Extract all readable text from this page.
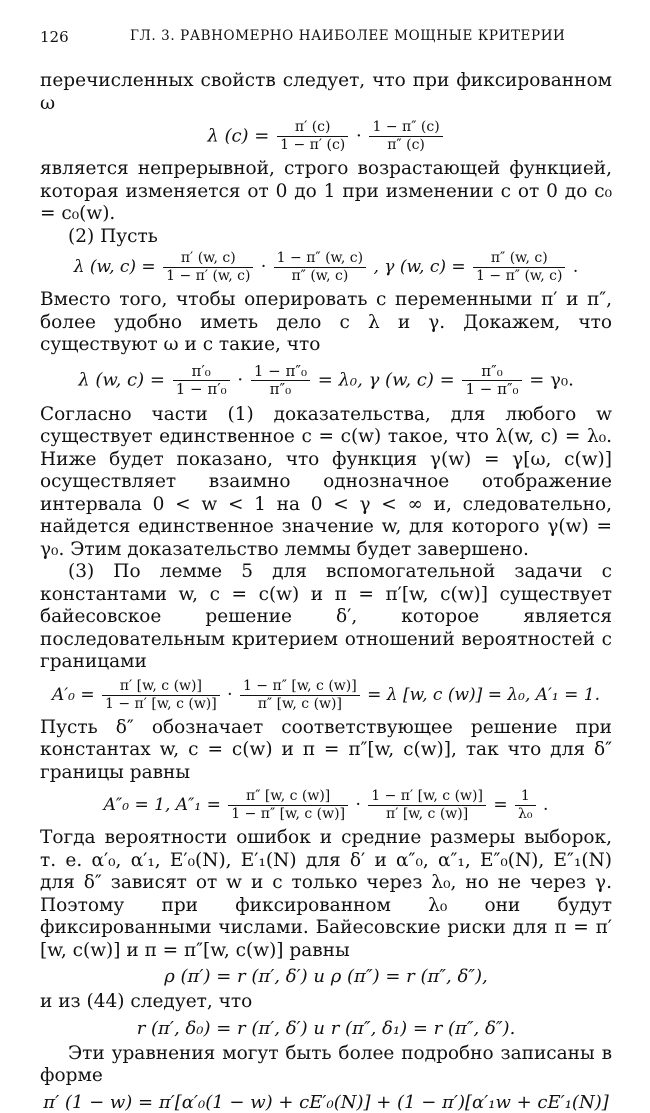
126	ГЛ. 3. РАВНОМЕРНО НАИБОЛЕЕ МОЩНЫЕ КРИТЕРИИ

перечисленных свойств следует, что при фиксированном ω

λ $(c) = \frac{\pi' (c)}{1 - \pi' (c)} \cdot \frac{1 - \pi'' (c)}{\pi'' (c)}$

является непрерывной, строго возрастающей функцией, которая изменяется от 0 до 1 при изменении c от 0 до c₀ = c₀(w).

(2) Пусть

λ (w, $c) = \frac{\pi' (w, c)}{1 - \pi' (w, c)} \cdot \frac{1 - \pi'' (w, c)}{\pi'' (w, c)}$ , γ (w, $c) = \frac{\pi'' (w, c)}{1 - \pi'' (w, c)}$ .

Вместо того, чтобы оперировать с переменными π′ и π″, более удобно иметь дело с λ и γ. Докажем, что существуют ω и c такие, что

λ (w, $c) = \frac{\text{π′₀}}{\text{1 − π′₀}} \cdot \frac{\text{1 − π″₀}}{\text{π″₀}} = \lambda_0$, γ (w, $c) = \frac{\text{π″₀}}{\text{1 − π″₀}} = \gamma_0$.

Согласно части (1) доказательства, для любого w существует единственное c = c(w) такое, что λ(w, c) = λ₀. Ниже будет показано, что функция γ(w) = γ[ω, c(w)] осуществляет взаимно однозначное отображение интервала 0 < w < 1 на 0 < γ < ∞ и, следовательно, найдется единственное значение w, для которого γ(w) = γ₀. Этим доказательство леммы будет завершено.

(3) По лемме 5 для вспомогательной задачи с константами w, c = c(w) и π = π′[w, c(w)] существует байесовское решение δ′, которое является последовательным критерием отношений вероятностей с границами

$A'_0 = \frac{\pi' [w, c (w)]}{1 - \pi' [w, c (w)]} \cdot \frac{1 - \pi'' [w, c (w)]}{\pi'' [w, c (w)]} = \lambda$ [w, c (w)] = λ₀, A′₁ = 1.

Пусть δ″ обозначает соответствующее решение при константах w, c = c(w) и π = π″[w, c(w)], так что для δ″ границы равны

A″₀ = 1, $A''_1 = \frac{\pi'' [w, c (w)]}{1 - \pi'' [w, c (w)]} \cdot \frac{1 - \pi' [w, c (w)]}{\pi' [w, c (w)]} = \frac{1}{\text{λ₀}}$ .

Тогда вероятности ошибок и средние размеры выборок, т. е. α′₀, α′₁, E′₀(N), E′₁(N) для δ′ и α″₀, α″₁, E″₀(N), E″₁(N) для δ″ зависят от w и c только через λ₀, но не через γ. Поэтому при фиксированном λ₀ они будут фиксированными числами. Байесовские риски для π = π′[w, c(w)] и π = π″[w, c(w)] равны

ρ (π′) = r (π′, δ′) и ρ (π″) = r (π″, δ″),

и из (44) следует, что

r (π′, δ₀) = r (π′, δ′) и r (π″, δ₁) = r (π″, δ″).

Эти уравнения могут быть более подробно записаны в форме

π′ (1 − w) = π′[α′₀(1 − w) + cE′₀(N)] + (1 − π′)[α′₁w + cE′₁(N)]
